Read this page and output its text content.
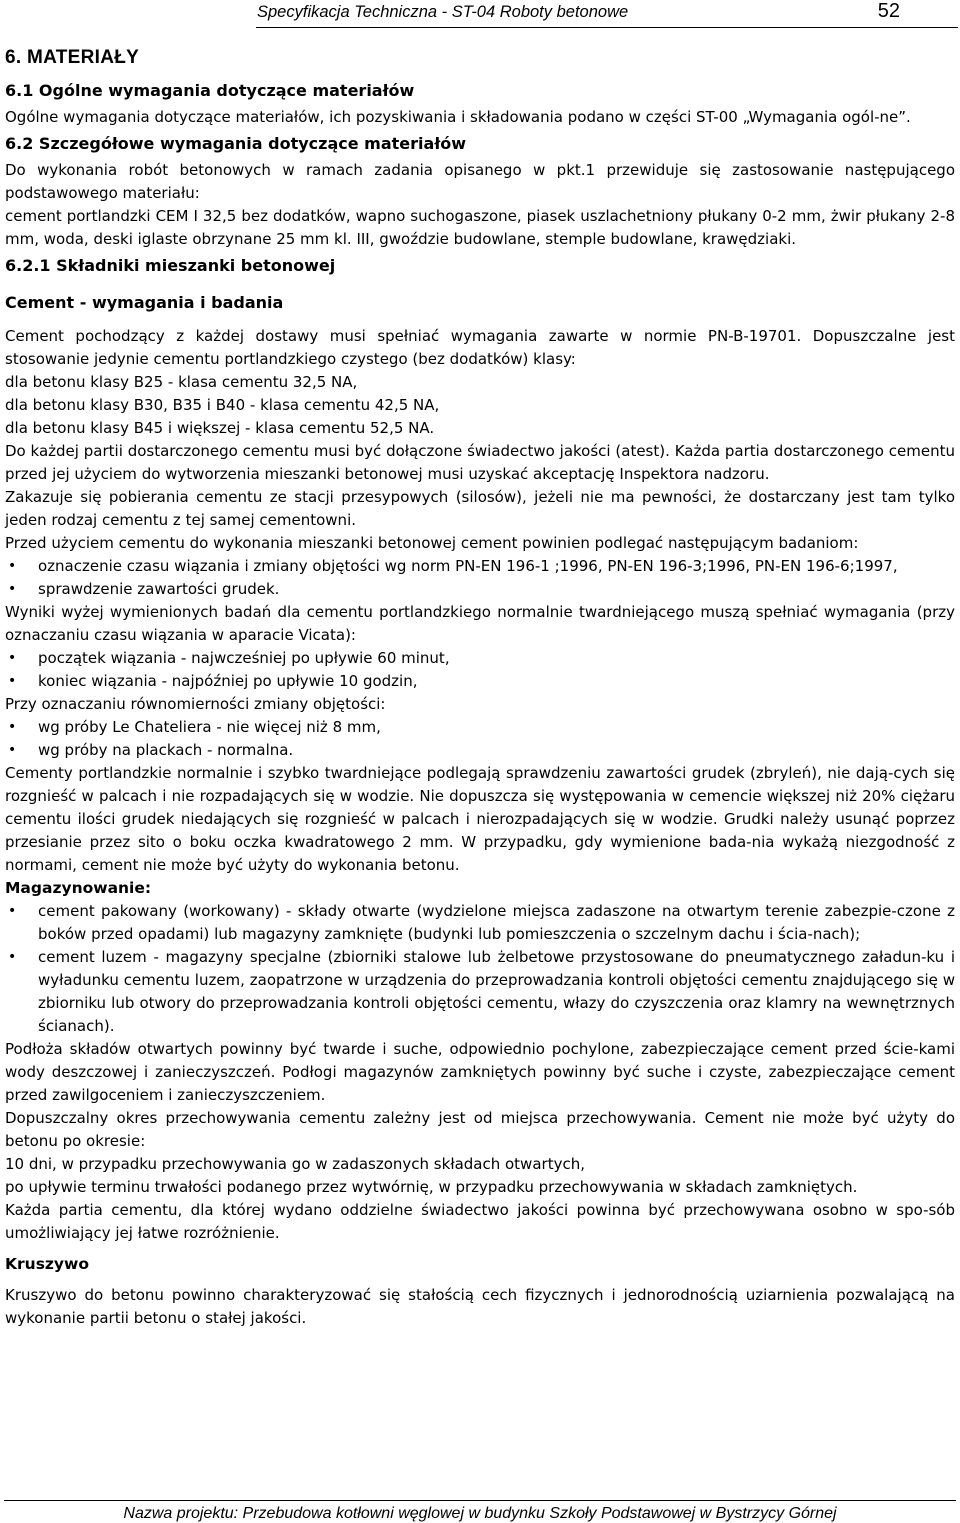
Specyfikacja Techniczna - ST-04 Roboty betonowe	52
6. MATERIAŁY
6.1 Ogólne wymagania dotyczące materiałów

Ogólne wymagania dotyczące materiałów, ich pozyskiwania i składowania podano w części ST-00 „Wymagania ogól-ne”.

6.2 Szczegółowe wymagania dotyczące materiałów

Do wykonania robót betonowych w ramach zadania opisanego w pkt.1 przewiduje się zastosowanie następującego podstawowego materiału:

cement portlandzki CEM I 32,5 bez dodatków, wapno suchogaszone, piasek uszlachetniony płukany 0-2 mm, żwir płukany 2-8 mm, woda, deski iglaste obrzynane 25 mm kl. III, gwoździe budowlane, stemple budowlane, krawędziaki.

6.2.1 Składniki mieszanki betonowej
Cement - wymagania i badania

Cement pochodzący z każdej dostawy musi spełniać wymagania zawarte w normie PN-B-19701. Dopuszczalne jest stosowanie jedynie cementu portlandzkiego czystego (bez dodatków) klasy:

dla betonu klasy B25 - klasa cementu 32,5 NA,

dla betonu klasy B30, B35 i B40 - klasa cementu 42,5 NA,

dla betonu klasy B45 i większej - klasa cementu 52,5 NA.

Do każdej partii dostarczonego cementu musi być dołączone świadectwo jakości (atest). Każda partia dostarczonego cementu przed jej użyciem do wytworzenia mieszanki betonowej musi uzyskać akceptację Inspektora nadzoru.

Zakazuje się pobierania cementu ze stacji przesypowych (silosów), jeżeli nie ma pewności, że dostarczany jest tam tylko jeden rodzaj cementu z tej samej cementowni.

Przed użyciem cementu do wykonania mieszanki betonowej cement powinien podlegać następującym badaniom:

• oznaczenie czasu wiązania i zmiany objętości wg norm PN-EN 196-1 ;1996, PN-EN 196-3;1996, PN-EN 196-6;1997,
• sprawdzenie zawartości grudek.

Wyniki wyżej wymienionych badań dla cementu portlandzkiego normalnie twardniejącego muszą spełniać wymagania (przy oznaczaniu czasu wiązania w aparacie Vicata):

• początek wiązania - najwcześniej po upływie 60 minut,
• koniec wiązania - najpóźniej po upływie 10 godzin,

Przy oznaczaniu równomierności zmiany objętości:

• wg próby Le Chateliera - nie więcej niż 8 mm,
• wg próby na plackach - normalna.

Cementy portlandzkie normalnie i szybko twardniejące podlegają sprawdzeniu zawartości grudek (zbryleń), nie dają-cych się rozgnieść w palcach i nie rozpadających się w wodzie. Nie dopuszcza się występowania w cemencie większej niż 20% ciężaru cementu ilości grudek niedających się rozgnieść w palcach i nierozpadających się w wodzie. Grudki należy usunąć poprzez przesianie przez sito o boku oczka kwadratowego 2 mm. W przypadku, gdy wymienione bada-nia wykażą niezgodność z normami, cement nie może być użyty do wykonania betonu.

Magazynowanie:

• cement pakowany (workowany) - składy otwarte (wydzielone miejsca zadaszone na otwartym terenie zabezpie-czone z boków przed opadami) lub magazyny zamknięte (budynki lub pomieszczenia o szczelnym dachu i ścia-nach);
• cement luzem - magazyny specjalne (zbiorniki stalowe lub żelbetowe przystosowane do pneumatycznego załadun-ku i wyładunku cementu luzem, zaopatrzone w urządzenia do przeprowadzania kontroli objętości cementu znajdującego się w zbiorniku lub otwory do przeprowadzania kontroli objętości cementu, włazy do czyszczenia oraz klamry na wewnętrznych ścianach).

Podłoża składów otwartych powinny być twarde i suche, odpowiednio pochylone, zabezpieczające cement przed ście-kami wody deszczowej i zanieczyszczeń. Podłogi magazynów zamkniętych powinny być suche i czyste, zabezpieczające cement przed zawilgoceniem i zanieczyszczeniem.

Dopuszczalny okres przechowywania cementu zależny jest od miejsca przechowywania. Cement nie może być użyty do betonu po okresie:

10 dni, w przypadku przechowywania go w zadaszonych składach otwartych,

po upływie terminu trwałości podanego przez wytwórnię, w przypadku przechowywania w składach zamkniętych.

Każda partia cementu, dla której wydano oddzielne świadectwo jakości powinna być przechowywana osobno w spo-sób umożliwiający jej łatwe rozróżnienie.

Kruszywo

Kruszywo do betonu powinno charakteryzować się stałością cech fizycznych i jednorodnością uziarnienia pozwalającą na wykonanie partii betonu o stałej jakości.

Nazwa projektu: Przebudowa kotłowni węglowej w budynku Szkoły Podstawowej w Bystrzycy Górnej
